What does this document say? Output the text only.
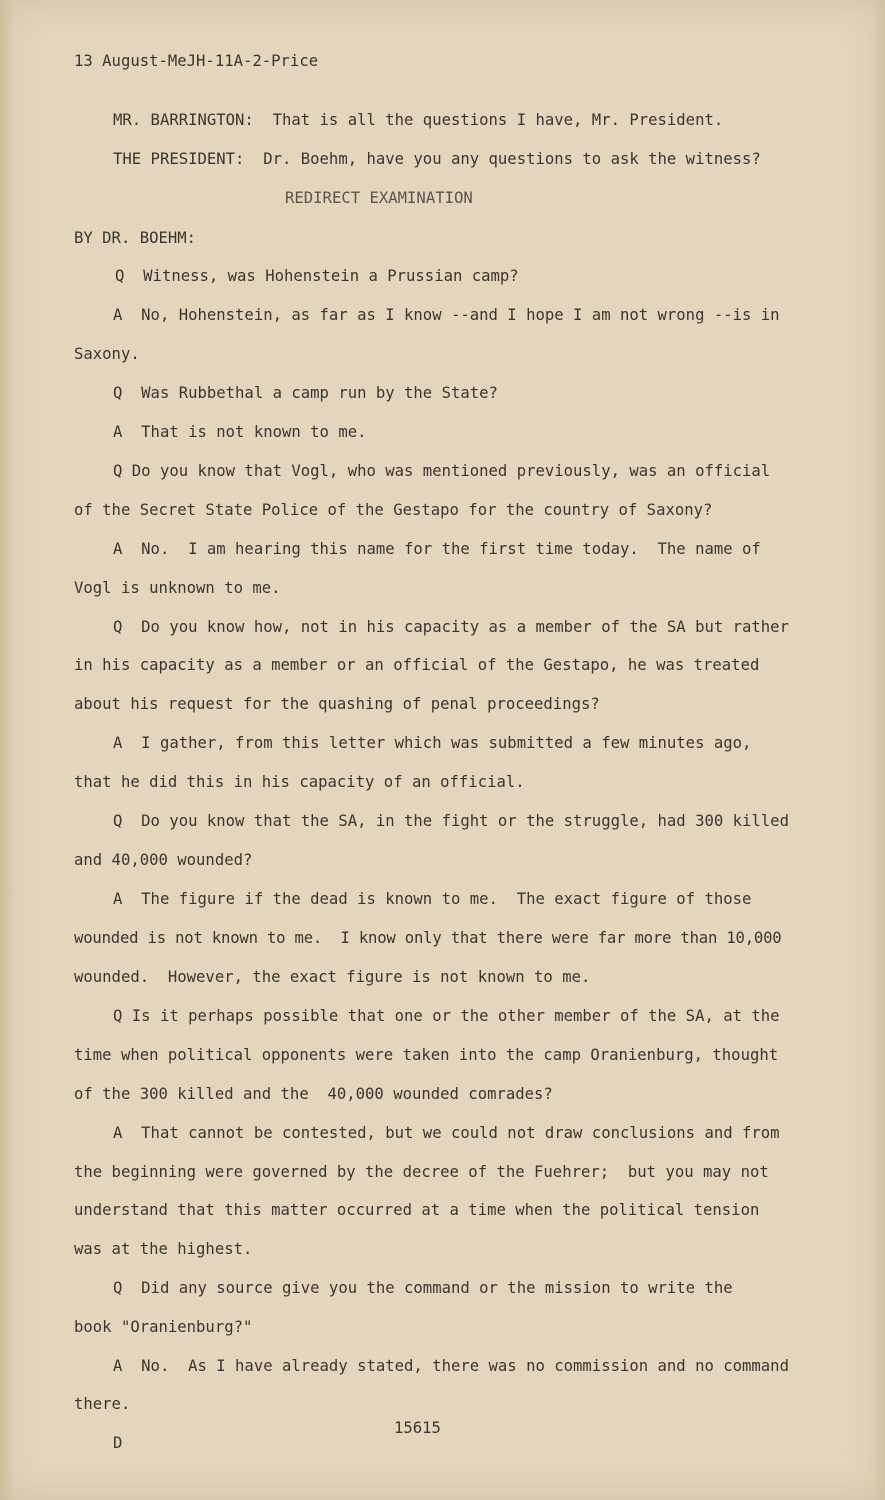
13 August-MeJH-11A-2-Price
MR. BARRINGTON:  That is all the questions I have, Mr. President.
THE PRESIDENT:  Dr. Boehm, have you any questions to ask the witness?
REDIRECT EXAMINATION
BY DR. BOEHM:
Q  Witness, was Hohenstein a Prussian camp?
A  No, Hohenstein, as far as I know --and I hope I am not wrong --is in
Saxony.
Q  Was Rubbethal a camp run by the State?
A  That is not known to me.
Q Do you know that Vogl, who was mentioned previously, was an official
of the Secret State Police of the Gestapo for the country of Saxony?
A  No.  I am hearing this name for the first time today.  The name of
Vogl is unknown to me.
Q  Do you know how, not in his capacity as a member of the SA but rather
in his capacity as a member or an official of the Gestapo, he was treated
about his request for the quashing of penal proceedings?
A  I gather, from this letter which was submitted a few minutes ago,
that he did this in his capacity of an official.
Q  Do you know that the SA, in the fight or the struggle, had 300 killed
and 40,000 wounded?
A  The figure if the dead is known to me.  The exact figure of those
wounded is not known to me.  I know only that there were far more than 10,000
wounded.  However, the exact figure is not known to me.
Q Is it perhaps possible that one or the other member of the SA, at the
time when political opponents were taken into the camp Oranienburg, thought
of the 300 killed and the  40,000 wounded comrades?
A  That cannot be contested, but we could not draw conclusions and from
the beginning were governed by the decree of the Fuehrer;  but you may not
understand that this matter occurred at a time when the political tension
was at the highest.
Q  Did any source give you the command or the mission to write the
book "Oranienburg?"
A  No.  As I have already stated, there was no commission and no command
there.
15615
D
